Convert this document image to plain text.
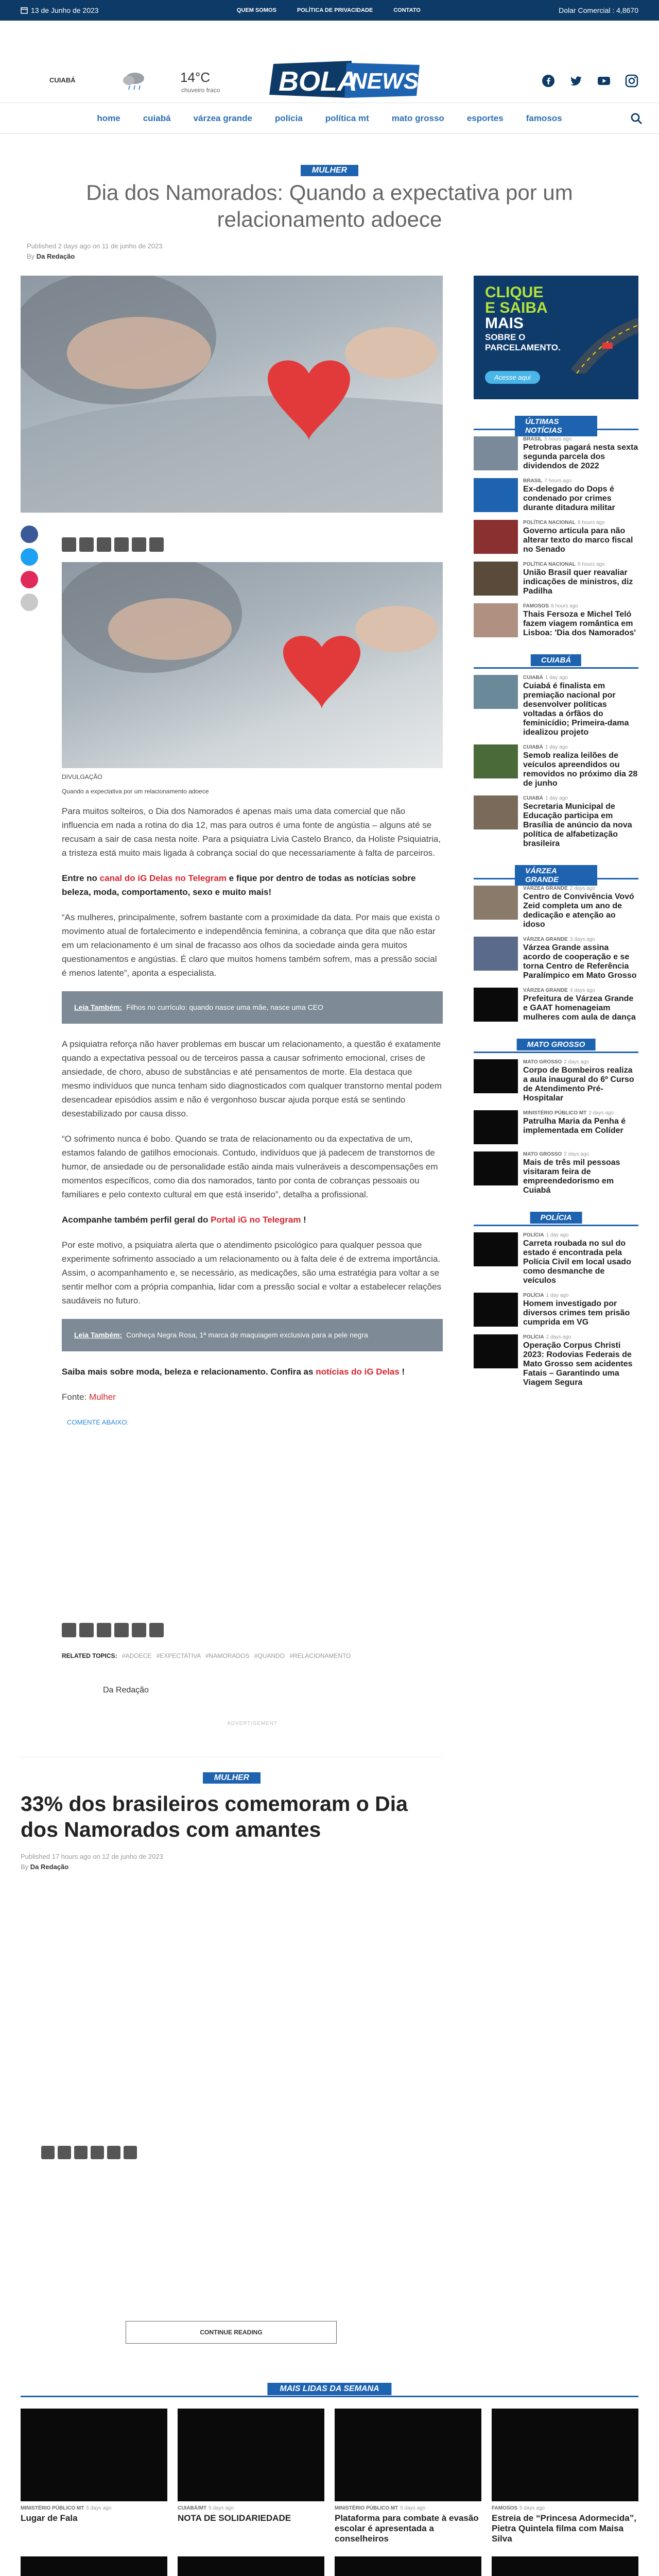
13 de Junho de 2023	QUEM SOMOS	POLÍTICA DE PRIVACIDADE	CONTATO	Dolar Comercial : 4,8670
CUIABÁ	14°C
chuveiro fraco BOLA
NEWS
home	cuiabá	várzea grande	polícia	política mt	mato grosso	esportes	famosos
MULHER
Dia dos Namorados: Quando a expectativa por um relacionamento adoece
Published 2 days ago on 11 de junho de 2023
By Da Redação
DIVULGAÇÃO
Quando a expectativa por um relacionamento adoece

Para muitos solteiros, o Dia dos Namorados é apenas mais uma data comercial que não influencia em nada a rotina do dia 12, mas para outros é uma fonte de angústia – alguns até se recusam a sair de casa nesta noite. Para a psiquiatra Livia Castelo Branco, da Holiste Psiquiatria, a tristeza está muito mais ligada à cobrança social do que necessariamente à falta de parceiros.

Entre no canal do iG Delas no Telegram e fique por dentro de todas as notícias sobre beleza, moda, comportamento, sexo e muito mais!

“As mulheres, principalmente, sofrem bastante com a proximidade da data. Por mais que exista o movimento atual de fortalecimento e independência feminina, a cobrança que dita que não estar em um relacionamento é um sinal de fracasso aos olhos da sociedade ainda gera muitos questionamentos e angústias. É claro que muitos homens também sofrem, mas a pressão social é menos latente”, aponta a especialista.

Leia Também: Filhos no currículo: quando nasce uma mãe, nasce uma CEO

A psiquiatra reforça não haver problemas em buscar um relacionamento, a questão é exatamente quando a expectativa pessoal ou de terceiros passa a causar sofrimento emocional, crises de ansiedade, de choro, abuso de substâncias e até pensamentos de morte. Ela destaca que mesmo indivíduos que nunca tenham sido diagnosticados com qualquer transtorno mental podem desencadear episódios assim e não é vergonhoso buscar ajuda porque está se sentindo desestabilizado por causa disso.

“O sofrimento nunca é bobo. Quando se trata de relacionamento ou da expectativa de um, estamos falando de gatilhos emocionais. Contudo, indivíduos que já padecem de transtornos de humor, de ansiedade ou de personalidade estão ainda mais vulneráveis a descompensações em momentos específicos, como dia dos namorados, tanto por conta de cobranças pessoais ou familiares e pelo contexto cultural em que está inserido”, detalha a profissional.

Acompanhe também perfil geral do Portal iG no Telegram !

Por este motivo, a psiquiatra alerta que o atendimento psicológico para qualquer pessoa que experimente sofrimento associado a um relacionamento ou à falta dele é de extrema importância. Assim, o acompanhamento e, se necessário, as medicações, são uma estratégia para voltar a se sentir melhor com a própria companhia, lidar com a pressão social e voltar a estabelecer relações saudáveis no futuro.

Leia Também: Conheça Negra Rosa, 1ª marca de maquiagem exclusiva para a pele negra

Saiba mais sobre moda, beleza e relacionamento. Confira as notícias do iG Delas !

Fonte: Mulher

COMENTE ABAIXO:
RELATED TOPICS: #ADOECE #EXPECTATIVA #NAMORADOS #QUANDO #RELACIONAMENTO
Da Redação
ADVERTISEMENT
MULHER
33% dos brasileiros comemoram o Dia dos Namorados com amantes
Published 17 hours ago on 12 de junho de 2023
By Da Redação
CONTINUE READING
CLIQUE
E SAIBA
MAIS
SOBRE O
PARCELAMENTO.
Acesse aqui
ÚLTIMAS NOTÍCIAS
BRASIL 5 hours ago
Petrobras pagará nesta sexta segunda parcela dos dividendos de 2022
BRASIL 7 hours ago
Ex-delegado do Dops é condenado por crimes durante ditadura militar
POLÍTICA NACIONAL 8 hours ago
Governo articula para não alterar texto do marco fiscal no Senado
POLÍTICA NACIONAL 8 hours ago
União Brasil quer reavaliar indicações de ministros, diz Padilha
FAMOSOS 8 hours ago
Thais Fersoza e Michel Teló fazem viagem romântica em Lisboa: 'Dia dos Namorados'
CUIABÁ
CUIABÁ 1 day ago
Cuiabá é finalista em premiação nacional por desenvolver políticas voltadas a órfãos do feminicídio; Primeira-dama idealizou projeto
CUIABÁ 1 day ago
Semob realiza leilões de veículos apreendidos ou removidos no próximo dia 28 de junho
CUIABÁ 1 day ago
Secretaria Municipal de Educação participa em Brasília de anúncio da nova política de alfabetização brasileira
VÁRZEA GRANDE
VÁRZEA GRANDE 2 days ago
Centro de Convivência Vovó Zeid completa um ano de dedicação e atenção ao idoso
VÁRZEA GRANDE 3 days ago
Várzea Grande assina acordo de cooperação e se torna Centro de Referência Paralímpico em Mato Grosso
VÁRZEA GRANDE 4 days ago
Prefeitura de Várzea Grande e GAAT homenageiam mulheres com aula de dança
MATO GROSSO
MATO GROSSO 2 days ago
Corpo de Bombeiros realiza a aula inaugural do 6º Curso de Atendimento Pré-Hospitalar
MINISTÉRIO PÚBLICO MT 2 days ago
Patrulha Maria da Penha é implementada em Colíder
MATO GROSSO 2 days ago
Mais de três mil pessoas visitaram feira de empreendedorismo em Cuiabá
POLÍCIA
POLÍCIA 1 day ago
Carreta roubada no sul do estado é encontrada pela Polícia Civil em local usado como desmanche de veículos
POLÍCIA 1 day ago
Homem investigado por diversos crimes tem prisão cumprida em VG
POLÍCIA 2 days ago
Operação Corpus Christi 2023: Rodovias Federais de Mato Grosso sem acidentes Fatais – Garantindo uma Viagem Segura
MAIS LIDAS DA SEMANA
MINISTÉRIO PÚBLICO MT 5 days ago
Lugar de Fala
CUIABÁ/MT 5 days ago
NOTA DE SOLIDARIEDADE
MINISTÉRIO PÚBLICO MT 5 days ago
Plataforma para combate à evasão escolar é apresentada a conselheiros
FAMOSOS 5 days ago
Estreia de “Princesa Adormecida”, Pietra Quintela filma com Maisa Silva
